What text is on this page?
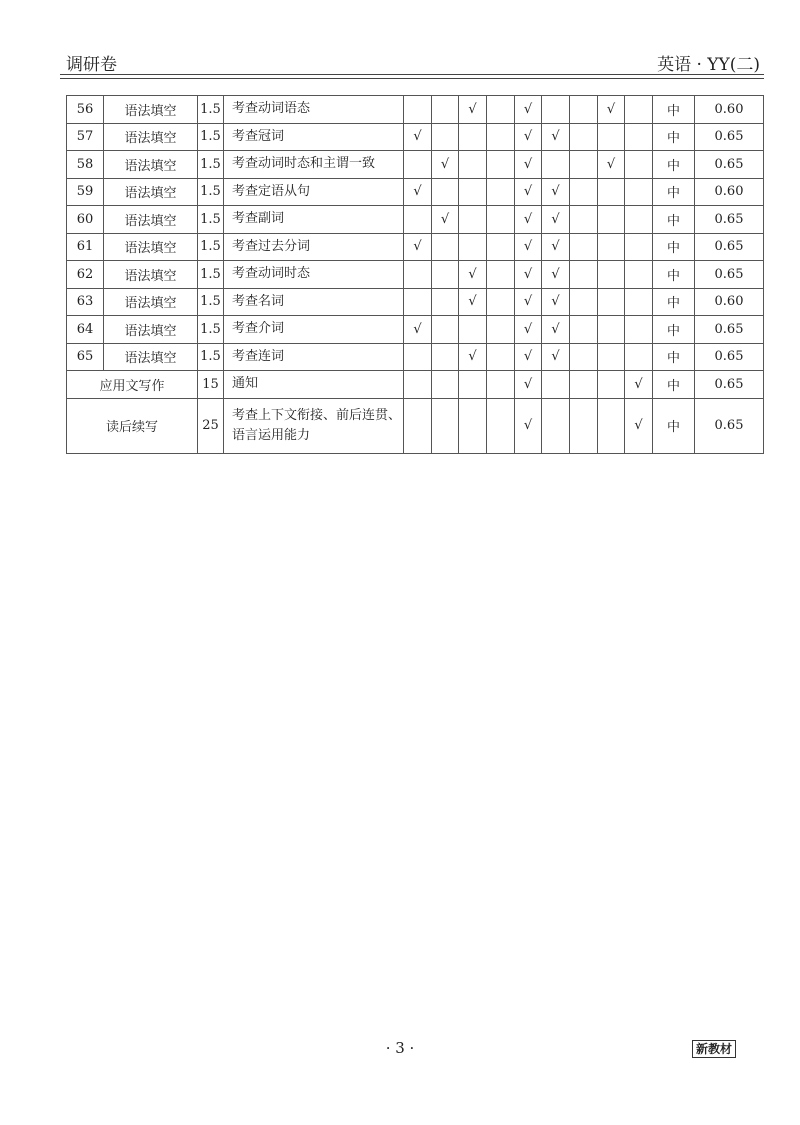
调研卷	英语 · YY(二)
56	语法填空	1.5	考查动词语态			√		√			√		中	0.60
57	语法填空	1.5	考查冠词	√				√	√				中	0.65
58	语法填空	1.5	考查动词时态和主谓一致		√			√			√		中	0.65
59	语法填空	1.5	考查定语从句	√				√	√				中	0.60
60	语法填空	1.5	考查副词		√			√	√				中	0.65
61	语法填空	1.5	考查过去分词	√				√	√				中	0.65
62	语法填空	1.5	考查动词时态			√		√	√				中	0.65
63	语法填空	1.5	考查名词			√		√	√				中	0.60
64	语法填空	1.5	考查介词	√				√	√				中	0.65
65	语法填空	1.5	考查连词			√		√	√				中	0.65
应用文写作		15	通知					√				√	中	0.65
读后续写		25	考查上下文衔接、前后连贯、语言运用能力					√				√	中	0.65
· 3 ·	新教材
